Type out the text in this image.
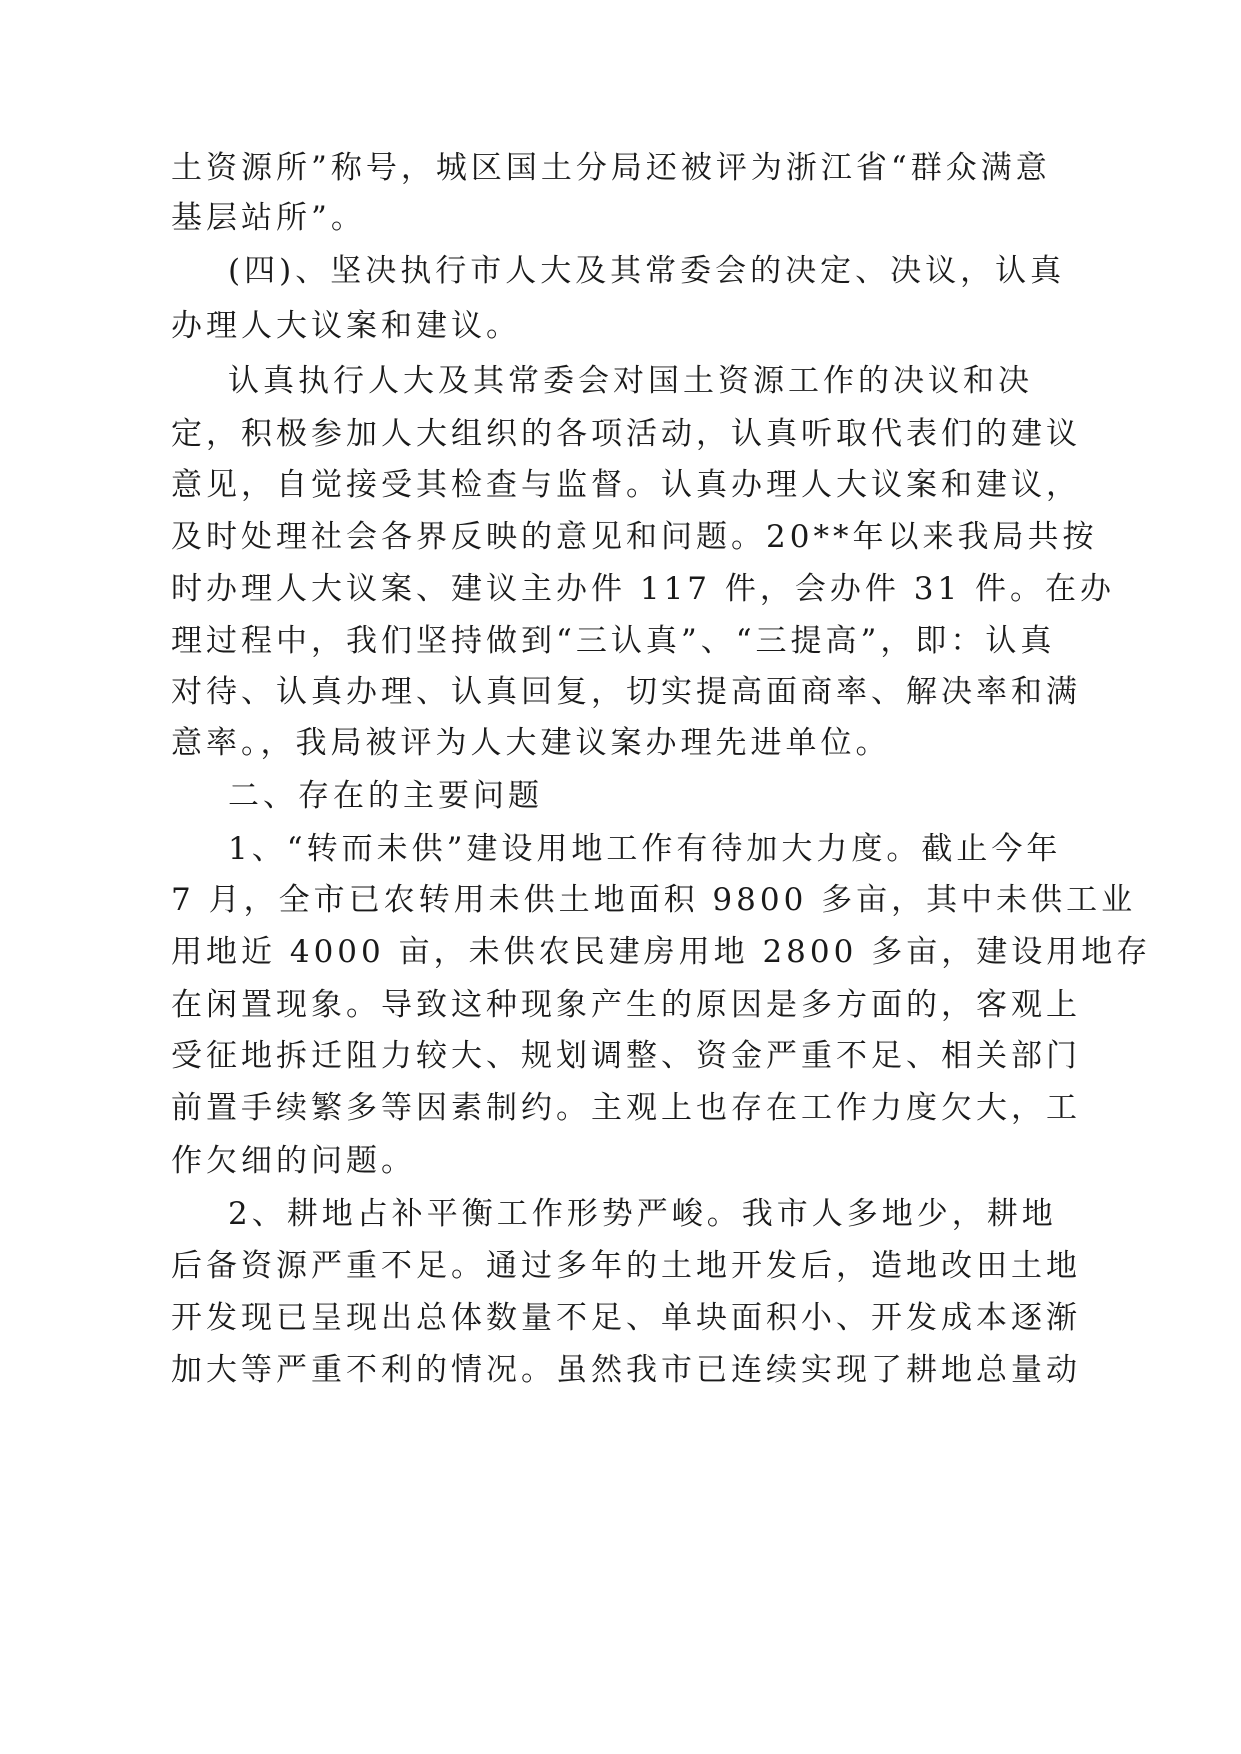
土资源所”称号，城区国土分局还被评为浙江省“群众满意
基层站所”。
(四)、坚决执行市人大及其常委会的决定、决议，认真
办理人大议案和建议。
认真执行人大及其常委会对国土资源工作的决议和决
定，积极参加人大组织的各项活动，认真听取代表们的建议
意见，自觉接受其检查与监督。认真办理人大议案和建议，
及时处理社会各界反映的意见和问题。20**年以来我局共按
时办理人大议案、建议主办件 117 件，会办件 31 件。在办
理过程中，我们坚持做到“三认真”、“三提高”，即：认真
对待、认真办理、认真回复，切实提高面商率、解决率和满
意率。，我局被评为人大建议案办理先进单位。
二、存在的主要问题
1、“转而未供”建设用地工作有待加大力度。截止今年
7 月，全市已农转用未供土地面积 9800 多亩，其中未供工业
用地近 4000 亩，未供农民建房用地 2800 多亩，建设用地存
在闲置现象。导致这种现象产生的原因是多方面的，客观上
受征地拆迁阻力较大、规划调整、资金严重不足、相关部门
前置手续繁多等因素制约。主观上也存在工作力度欠大，工
作欠细的问题。
2、耕地占补平衡工作形势严峻。我市人多地少，耕地
后备资源严重不足。通过多年的土地开发后，造地改田土地
开发现已呈现出总体数量不足、单块面积小、开发成本逐渐
加大等严重不利的情况。虽然我市已连续实现了耕地总量动
